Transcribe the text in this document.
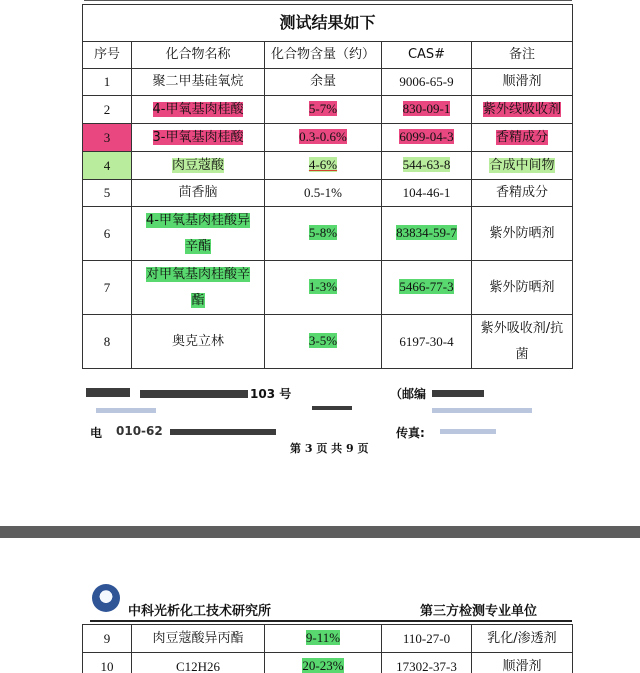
测试结果如下				
序号	化合物名称	化合物含量（约）	CAS#	备注
1	聚二甲基硅氧烷	余量	9006-65-9	顺滑剂
2	4-甲氧基肉桂酸	5-7%	830-09-1	紫外线吸收剂
3	3-甲氧基肉桂酸	0.3-0.6%	6099-04-3	香精成分
4	肉豆蔻酸	4-6%	544-63-8	合成中间物
5	茴香脑	0.5-1%	104-46-1	香精成分
6	4-甲氧基肉桂酸异辛酯	5-8%	83834-59-7	紫外防晒剂
7	对甲氧基肉桂酸辛酯	1-3%	5466-77-3	紫外防晒剂
8	奥克立林	3-5%	6197-30-4	紫外吸收剂/抗菌
103 号	（邮编
电 010-62	传真:
第 3 页 共 9 页
中科光析化工技术研究所	第三方检测专业单位
9	肉豆蔻酸异丙酯	9-11%	110-27-0	乳化/渗透剂
10	C12H26	20-23%	17302-37-3	顺滑剂
